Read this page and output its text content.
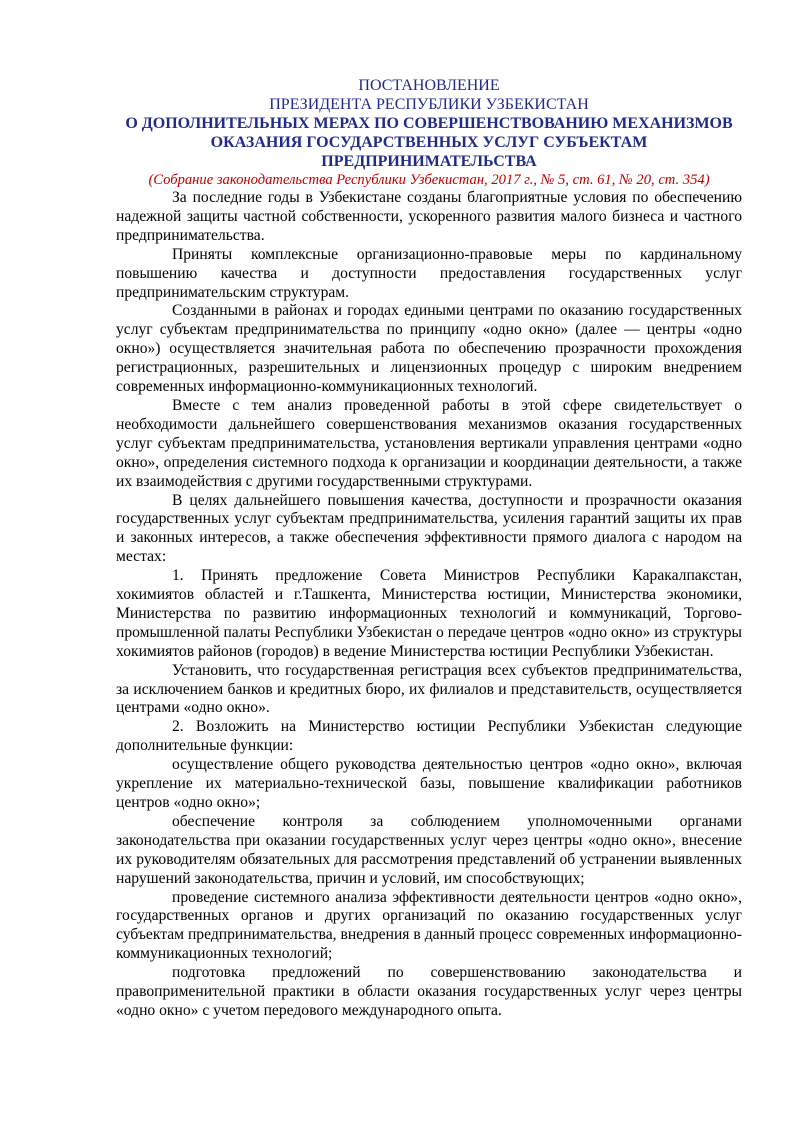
ПОСТАНОВЛЕНИЕ

ПРЕЗИДЕНТА РЕСПУБЛИКИ УЗБЕКИСТАН

О ДОПОЛНИТЕЛЬНЫХ МЕРАХ ПО СОВЕРШЕНСТВОВАНИЮ МЕХАНИЗМОВ

ОКАЗАНИЯ ГОСУДАРСТВЕННЫХ УСЛУГ СУБЪЕКТАМ

ПРЕДПРИНИМАТЕЛЬСТВА

(Собрание законодательства Республики Узбекистан, 2017 г., № 5, ст. 61, № 20, ст. 354)

За последние годы в Узбекистане созданы благоприятные условия по обеспечению надежной защиты частной собственности, ускоренного развития малого бизнеса и частного предпринимательства.

Приняты комплексные организационно-правовые меры по кардинальному повышению качества и доступности предоставления государственных услуг предпринимательским структурам.

Созданными в районах и городах едиными центрами по оказанию государственных услуг субъектам предпринимательства по принципу «одно окно» (далее — центры «одно окно») осуществляется значительная работа по обеспечению прозрачности прохождения регистрационных, разрешительных и лицензионных процедур с широким внедрением современных информационно-коммуникационных технологий.

Вместе с тем анализ проведенной работы в этой сфере свидетельствует о необходимости дальнейшего совершенствования механизмов оказания государственных услуг субъектам предпринимательства, установления вертикали управления центрами «одно окно», определения системного подхода к организации и координации деятельности, а также их взаимодействия с другими государственными структурами.

В целях дальнейшего повышения качества, доступности и прозрачности оказания государственных услуг субъектам предпринимательства, усиления гарантий защиты их прав и законных интересов, а также обеспечения эффективности прямого диалога с народом на местах:

1. Принять предложение Совета Министров Республики Каракалпакстан, хокимиятов областей и г.Ташкента, Министерства юстиции, Министерства экономики, Министерства по развитию информационных технологий и коммуникаций, Торгово-промышленной палаты Республики Узбекистан о передаче центров «одно окно» из структуры хокимиятов районов (городов) в ведение Министерства юстиции Республики Узбекистан.

Установить, что государственная регистрация всех субъектов предпринимательства, за исключением банков и кредитных бюро, их филиалов и представительств, осуществляется центрами «одно окно».

2. Возложить на Министерство юстиции Республики Узбекистан следующие дополнительные функции:

осуществление общего руководства деятельностью центров «одно окно», включая укрепление их материально-технической базы, повышение квалификации работников центров «одно окно»;

обеспечение контроля за соблюдением уполномоченными органами законодательства при оказании государственных услуг через центры «одно окно», внесение их руководителям обязательных для рассмотрения представлений об устранении выявленных нарушений законодательства, причин и условий, им способствующих;

проведение системного анализа эффективности деятельности центров «одно окно», государственных органов и других организаций по оказанию государственных услуг субъектам предпринимательства, внедрения в данный процесс современных информационно-коммуникационных технологий;

подготовка предложений по совершенствованию законодательства и правоприменительной практики в области оказания государственных услуг через центры «одно окно» с учетом передового международного опыта.
